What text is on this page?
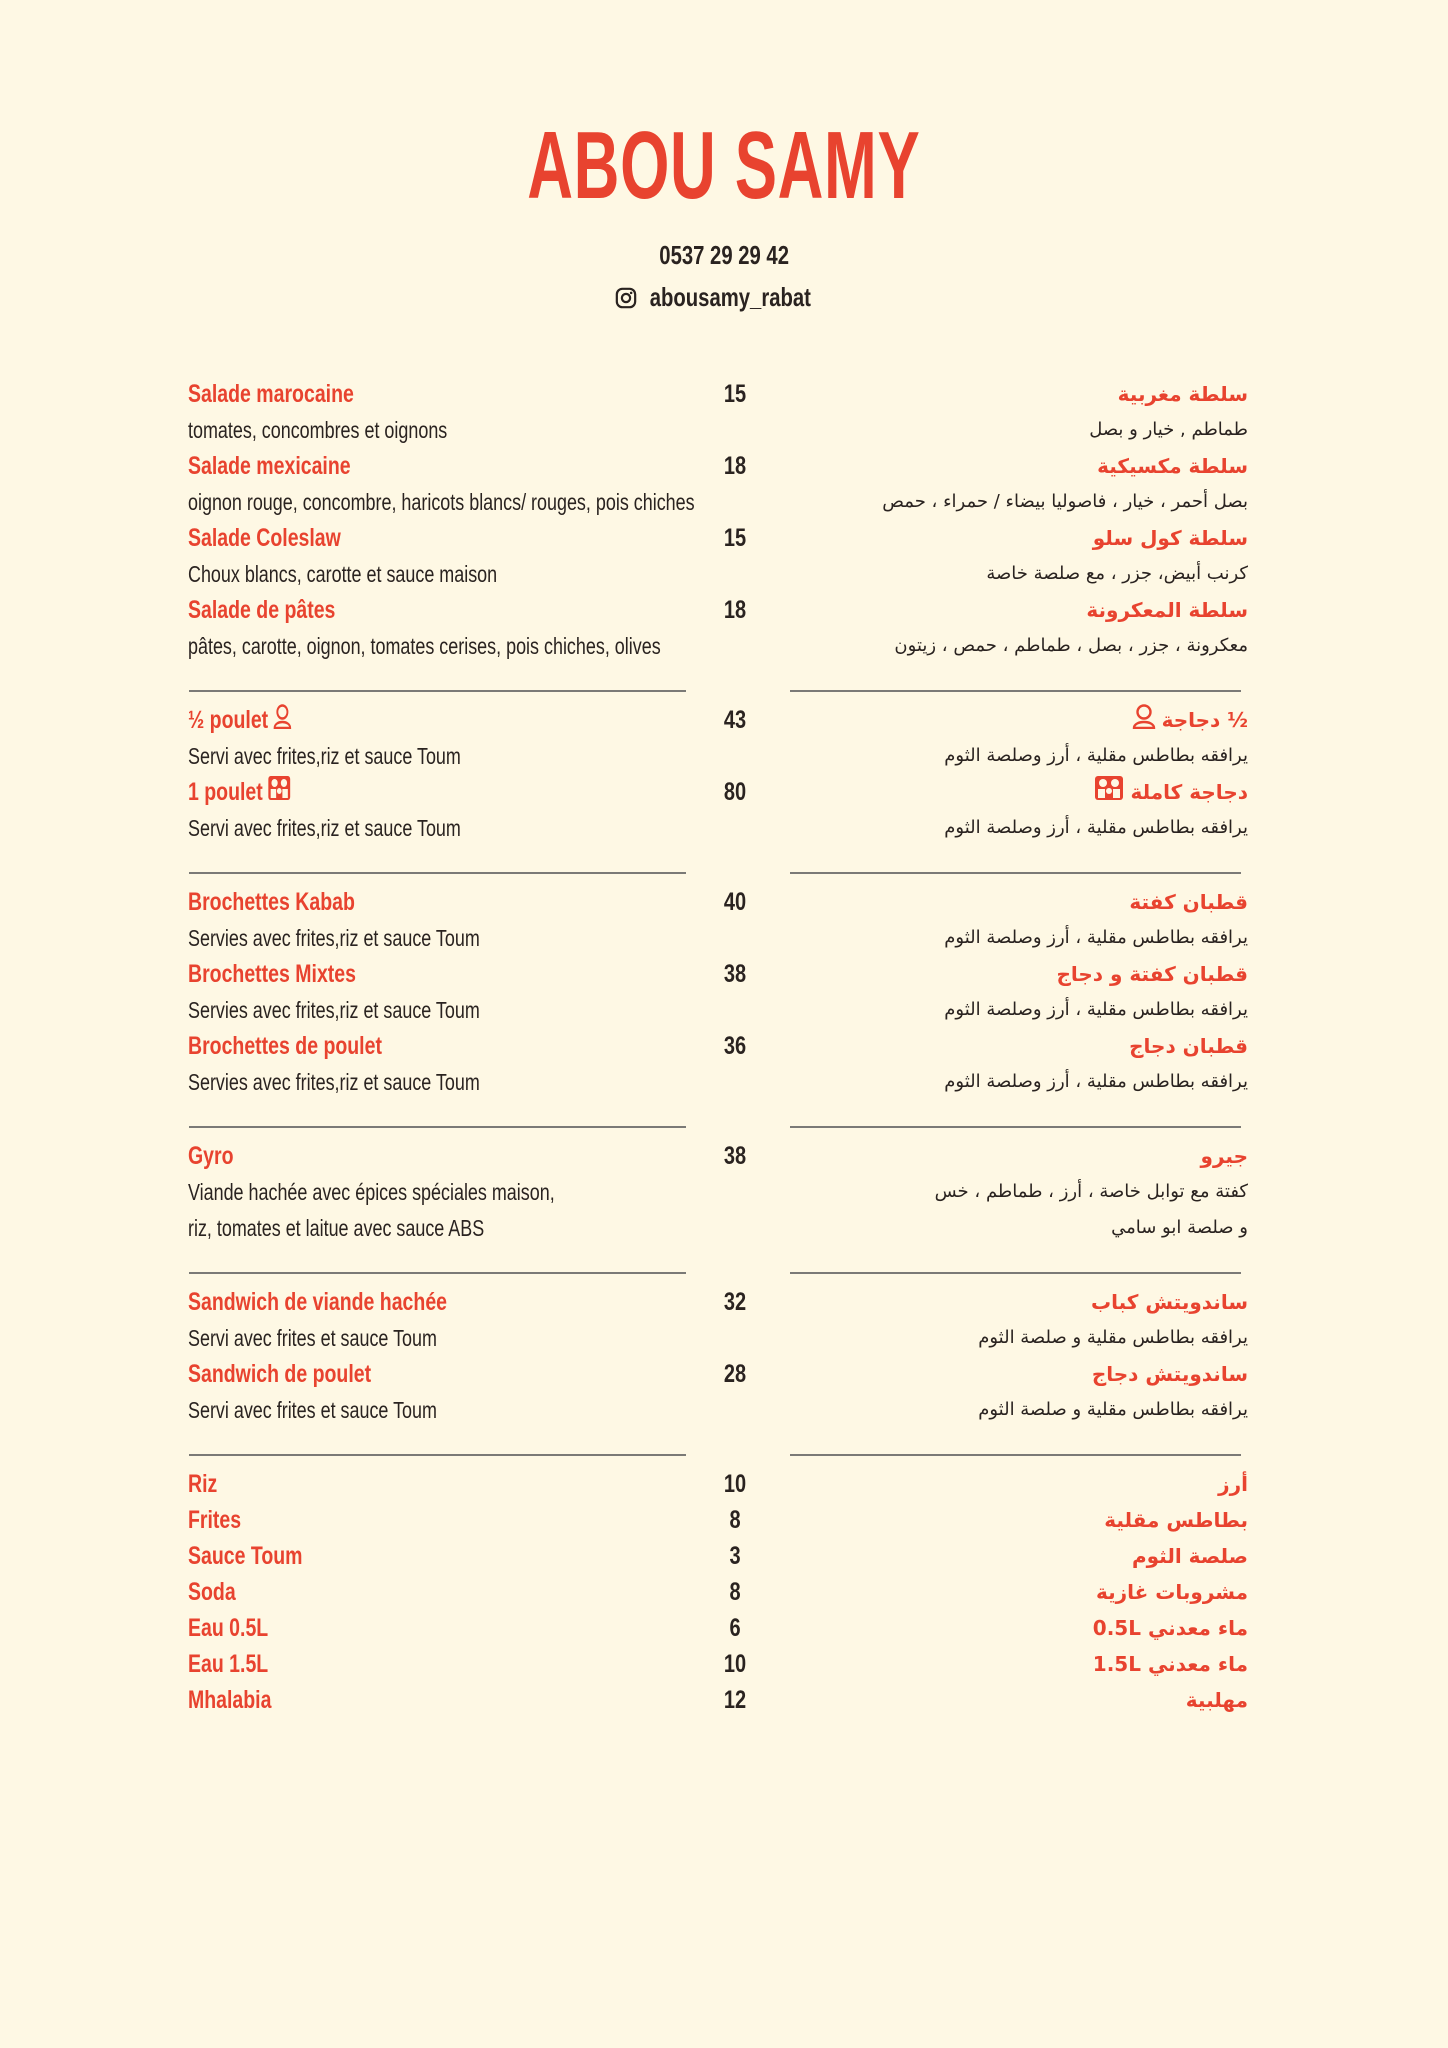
ABOU SAMY
0537 29 29 42
abousamy_rabat
Salade marocaine	15	سلطة مغربية
tomates, concombres et oignons	طماطم , خيار و بصل
Salade mexicaine	18	سلطة مكسيكية
oignon rouge, concombre, haricots blancs/ rouges, pois chiches	بصل أحمر ، خيار ، فاصوليا بيضاء / حمراء ، حمص
Salade Coleslaw	15	سلطة كول سلو
Choux blancs, carotte et sauce maison	كرنب أبيض، جزر ، مع صلصة خاصة
Salade de pâtes	18	سلطة المعكرونة
pâtes, carotte, oignon, tomates cerises, pois chiches, olives	معكرونة ، جزر ، بصل ، طماطم ، حمص ، زيتون
½ poulet	43	½ دجاجة
Servi avec frites,riz et sauce Toum	يرافقه بطاطس مقلية ، أرز وصلصة الثوم
1 poulet	80	دجاجة كاملة
Servi avec frites,riz et sauce Toum	يرافقه بطاطس مقلية ، أرز وصلصة الثوم
Brochettes Kabab	40	قطبان كفتة
Servies avec frites,riz et sauce Toum	يرافقه بطاطس مقلية ، أرز وصلصة الثوم
Brochettes Mixtes	38	قطبان كفتة و دجاج
Servies avec frites,riz et sauce Toum	يرافقه بطاطس مقلية ، أرز وصلصة الثوم
Brochettes de poulet	36	قطبان دجاج
Servies avec frites,riz et sauce Toum	يرافقه بطاطس مقلية ، أرز وصلصة الثوم
Gyro	38	جيرو
Viande hachée avec épices spéciales maison,	كفتة مع توابل خاصة ، أرز ، طماطم ، خس
riz, tomates et laitue avec sauce ABS	و صلصة ابو سامي
Sandwich de viande hachée	32	ساندويتش كباب
Servi avec frites et sauce Toum	يرافقه بطاطس مقلية و صلصة الثوم
Sandwich de poulet	28	ساندويتش دجاج
Servi avec frites et sauce Toum	يرافقه بطاطس مقلية و صلصة الثوم
Riz	10	أرز
Frites	8	بطاطس مقلية
Sauce Toum	3	صلصة الثوم
Soda	8	مشروبات غازية
Eau 0.5L	6	ماء معدني 0.5L
Eau 1.5L	10	ماء معدني 1.5L
Mhalabia	12	مهلبية
